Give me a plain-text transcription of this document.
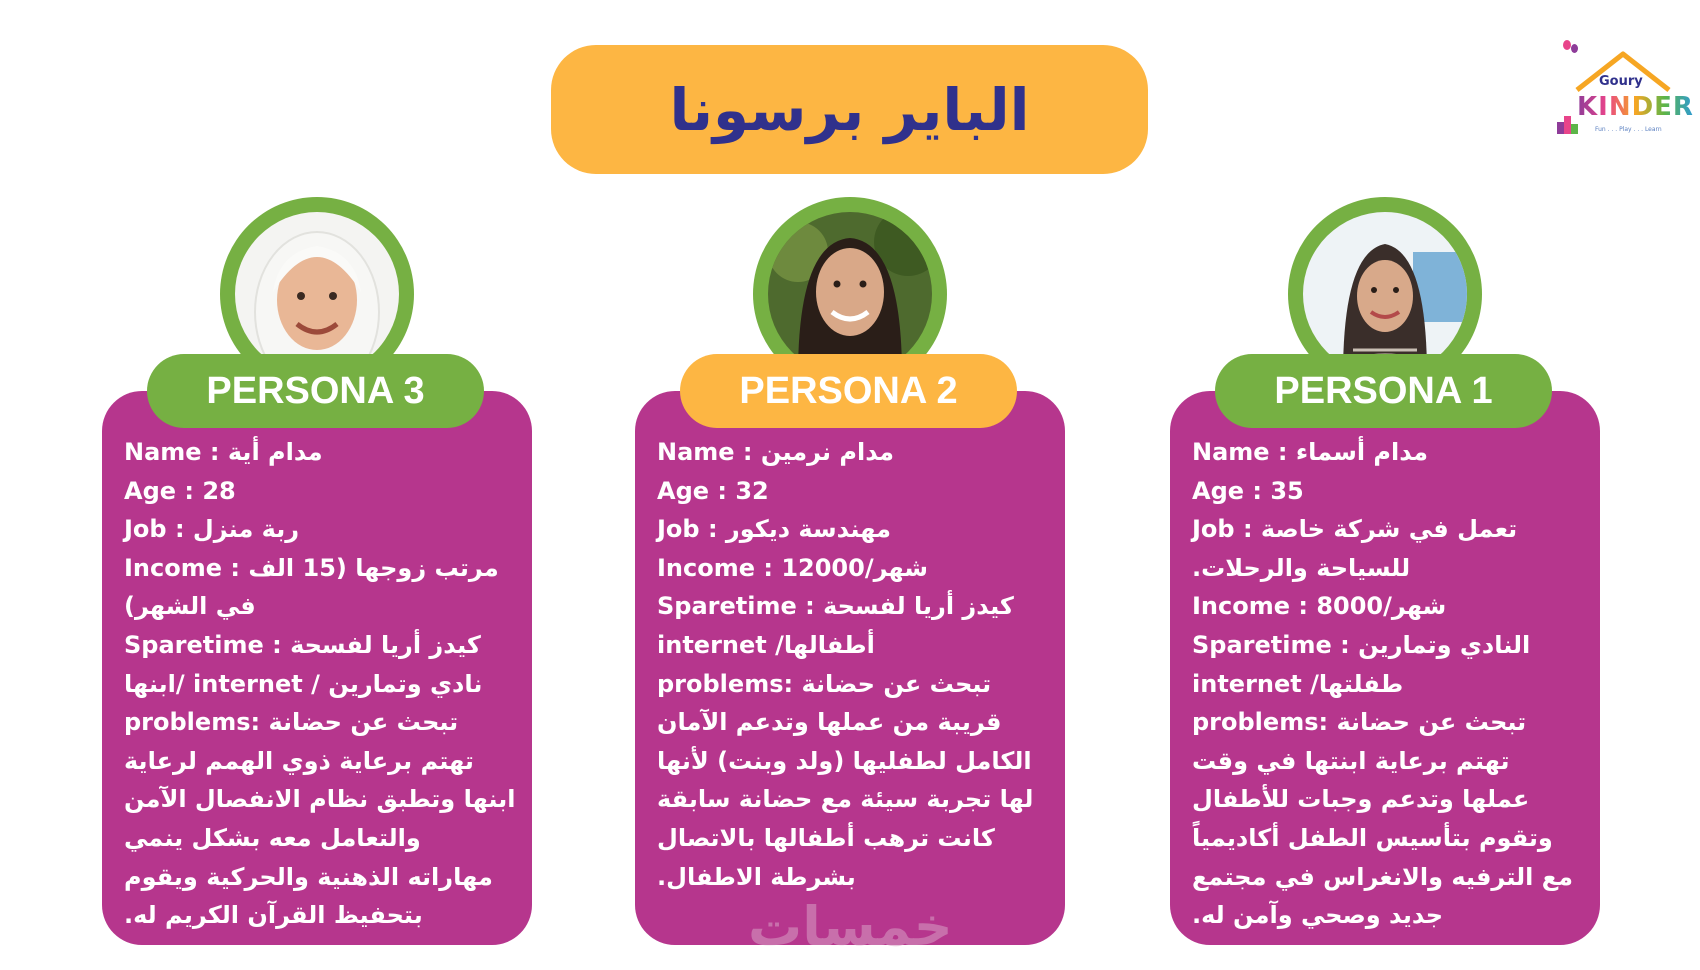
الباير برسونا	Goury
KINDER
Fun . . . Play . . . Learn
PERSONA 3
Name : مدام أية
Age : 28
Job : ربة منزل
Income : مرتب زوجها (15 الف
في الشهر)
Sparetime : كيدز أريا لفسحة
نادي وتمارين / internet /ابنها
problems: تبحث عن حضانة
تهتم برعاية ذوي الهمم لرعاية
ابنها وتطبق نظام الانفصال الآمن
والتعامل معه بشكل ينمي
مهاراته الذهنية والحركية ويقوم
بتحفيظ القرآن الكريم له.
PERSONA 2
Name : مدام نرمين
Age : 32
Job : مهندسة ديكور
Income : 12000/شهر
Sparetime : كيدز أريا لفسحة
أطفالها/ internet
problems: تبحث عن حضانة
قريبة من عملها وتدعم الآمان
الكامل لطفليها (ولد وبنت) لأنها
لها تجربة سيئة مع حضانة سابقة
كانت ترهب أطفالها بالاتصال
بشرطة الاطفال.
PERSONA 1
Name : مدام أسماء
Age : 35
Job : تعمل في شركة خاصة
للسياحة والرحلات.
Income : 8000/شهر
Sparetime : النادي وتمارين
طفلتها/ internet
problems: تبحث عن حضانة
تهتم برعاية ابنتها في وقت
عملها وتدعم وجبات للأطفال
وتقوم بتأسيس الطفل أكاديمياً
مع الترفيه والانغراس في مجتمع
جديد وصحي وآمن له.
خمسات
